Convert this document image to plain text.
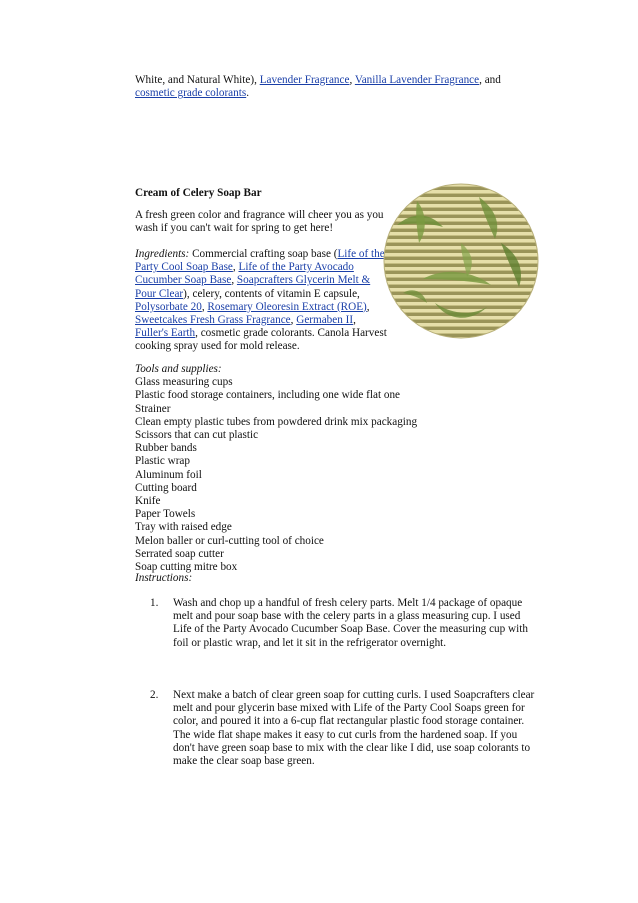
White, and Natural White), Lavender Fragrance, Vanilla Lavender Fragrance, and cosmetic grade colorants.
Cream of Celery Soap Bar
A fresh green color and fragrance will cheer you as you wash if you can't wait for spring to get here!
Ingredients: Commercial crafting soap base (Life of the Party Cool Soap Base, Life of the Party Avocado Cucumber Soap Base, Soapcrafters Glycerin Melt & Pour Clear), celery, contents of vitamin E capsule, Polysorbate 20, Rosemary Oleoresin Extract (ROE), Sweetcakes Fresh Grass Fragrance, Germaben II, Fuller's Earth, cosmetic grade colorants. Canola Harvest cooking spray used for mold release.
Tools and supplies:
Glass measuring cups
Plastic food storage containers, including one wide flat one
Strainer
Clean empty plastic tubes from powdered drink mix packaging
Scissors that can cut plastic
Rubber bands
Plastic wrap
Aluminum foil
Cutting board
Knife
Paper Towels
Tray with raised edge
Melon baller or curl-cutting tool of choice
Serrated soap cutter
Soap cutting mitre box
Instructions:
1. Wash and chop up a handful of fresh celery parts. Melt 1/4 package of opaque melt and pour soap base with the celery parts in a glass measuring cup. I used Life of the Party Avocado Cucumber Soap Base. Cover the measuring cup with foil or plastic wrap, and let it sit in the refrigerator overnight.
2. Next make a batch of clear green soap for cutting curls. I used Soapcrafters clear melt and pour glycerin base mixed with Life of the Party Cool Soaps green for color, and poured it into a 6-cup flat rectangular plastic food storage container. The wide flat shape makes it easy to cut curls from the hardened soap. If you don't have green soap base to mix with the clear like I did, use soap colorants to make the clear soap base green.
